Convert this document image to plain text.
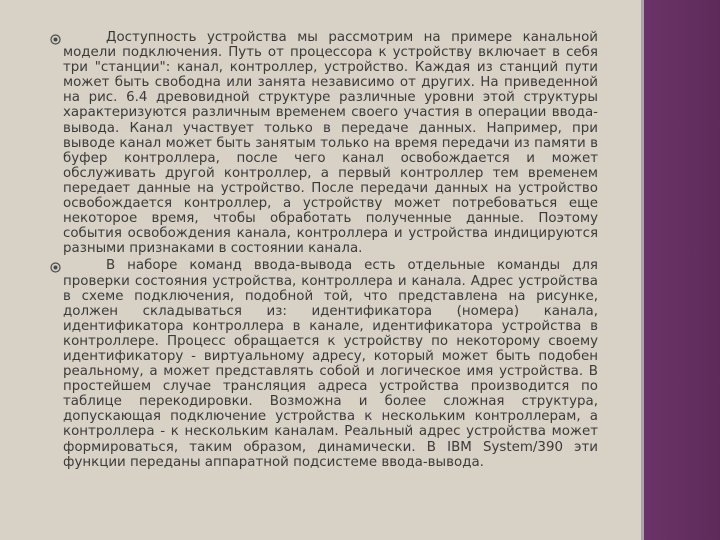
Доступность устройства мы рассмотрим на примере канальной модели подключения. Путь от процессора к устройству включает в себя три "станции": канал, контроллер, устройство. Каждая из станций пути может быть свободна или занята независимо от других. На приведенной на рис. 6.4 древовидной структуре различные уровни этой структуры характеризуются различным временем своего участия в операции ввода-вывода. Канал участвует только в передаче данных. Например, при выводе канал может быть занятым только на время передачи из памяти в буфер контроллера, после чего канал освобождается и может обслуживать другой контроллер, а первый контроллер тем временем передает данные на устройство. После передачи данных на устройство освобождается контроллер, а устройству может потребоваться еще некоторое время, чтобы обработать полученные данные. Поэтому события освобождения канала, контроллера и устройства индицируются разными признаками в состоянии канала.

В наборе команд ввода-вывода есть отдельные команды для проверки состояния устройства, контроллера и канала. Адрес устройства в схеме подключения, подобной той, что представлена на рисунке, должен складываться из: идентификатора (номера) канала, идентификатора контроллера в канале, идентификатора устройства в контроллере. Процесс обращается к устройству по некоторому своему идентификатору - виртуальному адресу, который может быть подобен реальному, а может представлять собой и логическое имя устройства. В простейшем случае трансляция адреса устройства производится по таблице перекодировки. Возможна и более сложная структура, допускающая подключение устройства к нескольким контроллерам, а контроллера - к нескольким каналам. Реальный адрес устройства может формироваться, таким образом, динамически. В IBM System/390 эти функции переданы аппаратной подсистеме ввода-вывода.
